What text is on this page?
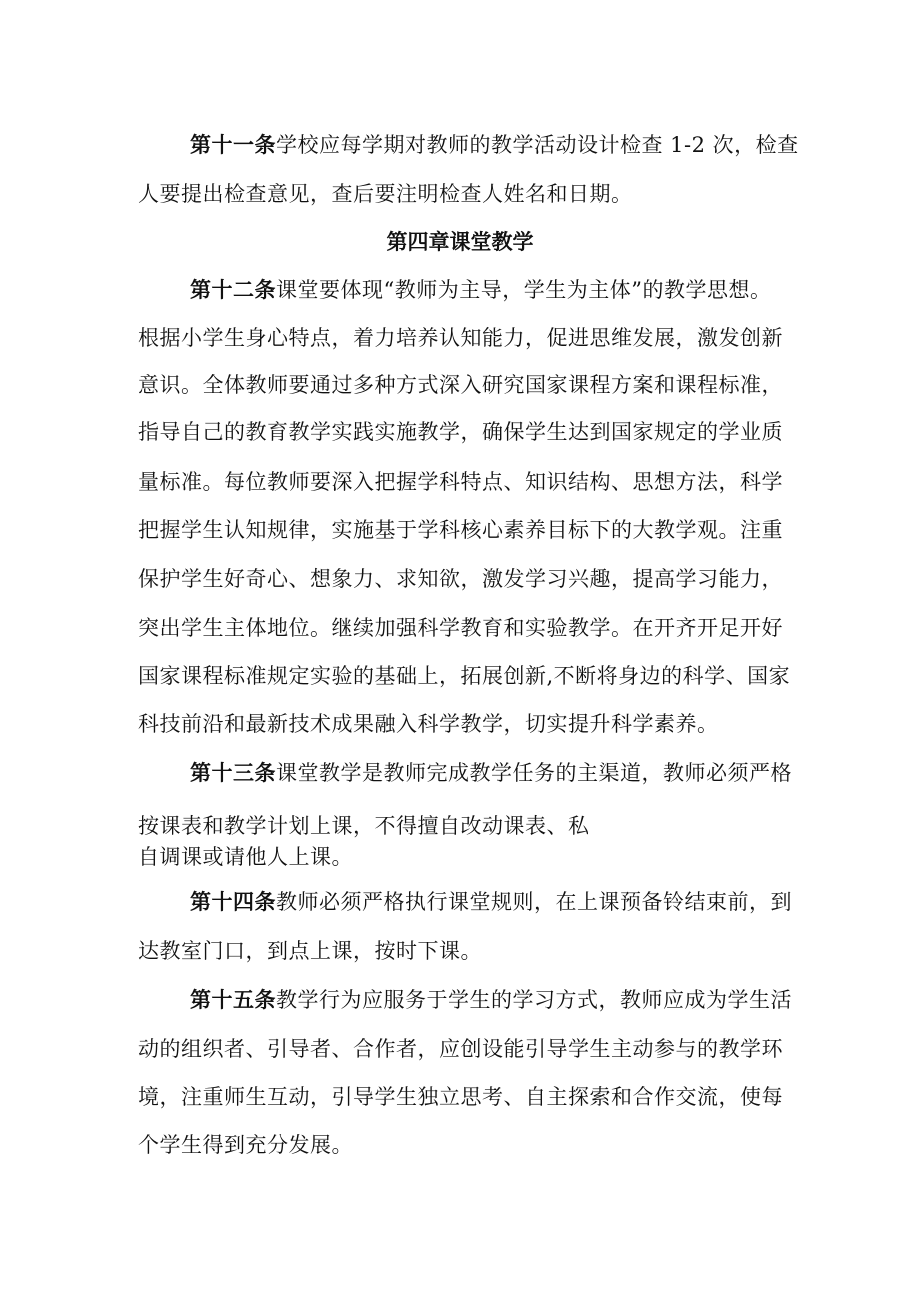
第十一条学校应每学期对教师的教学活动设计检查 1-2 次，检查
人要提出检查意见，查后要注明检查人姓名和日期。
第四章课堂教学
第十二条课堂要体现“教师为主导，学生为主体”的教学思想。
根据小学生身心特点，着力培养认知能力，促进思维发展，激发创新
意识。全体教师要通过多种方式深入研究国家课程方案和课程标准，
指导自己的教育教学实践实施教学，确保学生达到国家规定的学业质
量标准。每位教师要深入把握学科特点、知识结构、思想方法，科学
把握学生认知规律，实施基于学科核心素养目标下的大教学观。注重
保护学生好奇心、想象力、求知欲，激发学习兴趣，提高学习能力，
突出学生主体地位。继续加强科学教育和实验教学。在开齐开足开好
国家课程标准规定实验的基础上，拓展创新,不断将身边的科学、国家
科技前沿和最新技术成果融入科学教学，切实提升科学素养。
第十三条课堂教学是教师完成教学任务的主渠道，教师必须严格
按课表和教学计划上课，不得擅自改动课表、私
自调课或请他人上课。
第十四条教师必须严格执行课堂规则，在上课预备铃结束前，到
达教室门口，到点上课，按时下课。
第十五条教学行为应服务于学生的学习方式，教师应成为学生活
动的组织者、引导者、合作者，应创设能引导学生主动参与的教学环
境，注重师生互动，引导学生独立思考、自主探索和合作交流，使每
个学生得到充分发展。
